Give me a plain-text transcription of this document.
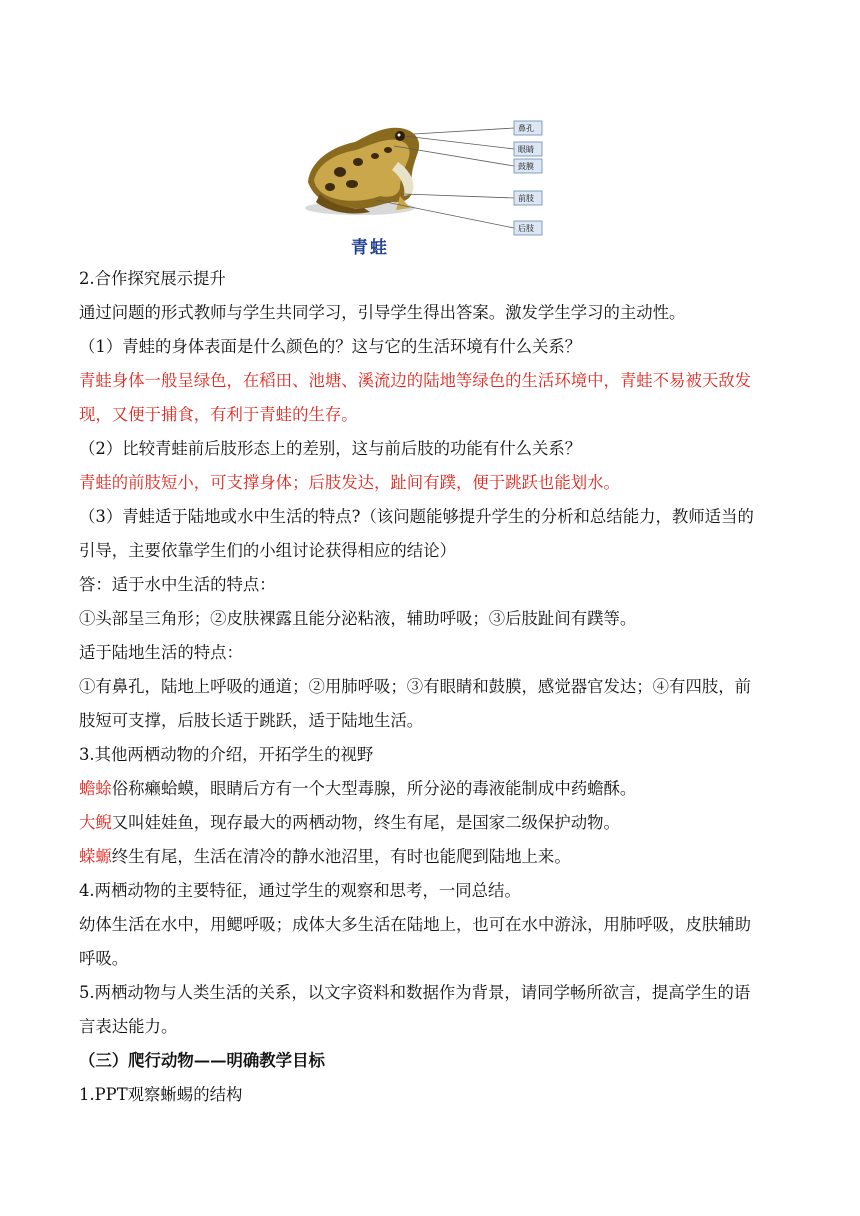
鼻孔
眼睛
鼓膜
前肢
后肢
青蛙
2.合作探究展示提升
通过问题的形式教师与学生共同学习，引导学生得出答案。激发学生学习的主动性。
（1）青蛙的身体表面是什么颜色的？这与它的生活环境有什么关系？
青蛙身体一般呈绿色，在稻田、池塘、溪流边的陆地等绿色的生活环境中，青蛙不易被天敌发
现，又便于捕食，有利于青蛙的生存。
（2）比较青蛙前后肢形态上的差别，这与前后肢的功能有什么关系？
青蛙的前肢短小，可支撑身体；后肢发达，趾间有蹼，便于跳跃也能划水。
（3）青蛙适于陆地或水中生活的特点?（该问题能够提升学生的分析和总结能力，教师适当的
引导，主要依靠学生们的小组讨论获得相应的结论）
答：适于水中生活的特点：
①头部呈三角形；②皮肤裸露且能分泌粘液，辅助呼吸；③后肢趾间有蹼等。
适于陆地生活的特点：
①有鼻孔，陆地上呼吸的通道；②用肺呼吸；③有眼睛和鼓膜，感觉器官发达；④有四肢，前
肢短可支撑，后肢长适于跳跃，适于陆地生活。
3.其他两栖动物的介绍，开拓学生的视野
蟾蜍俗称癞蛤蟆，眼睛后方有一个大型毒腺，所分泌的毒液能制成中药蟾酥。
大鲵又叫娃娃鱼，现存最大的两栖动物，终生有尾，是国家二级保护动物。
蝾螈终生有尾，生活在清冷的静水池沼里，有时也能爬到陆地上来。
4.两栖动物的主要特征，通过学生的观察和思考，一同总结。
幼体生活在水中，用鳃呼吸；成体大多生活在陆地上，也可在水中游泳，用肺呼吸，皮肤辅助
呼吸。
5.两栖动物与人类生活的关系，以文字资料和数据作为背景，请同学畅所欲言，提高学生的语
言表达能力。
（三）爬行动物——明确教学目标
1.PPT观察蜥蜴的结构
